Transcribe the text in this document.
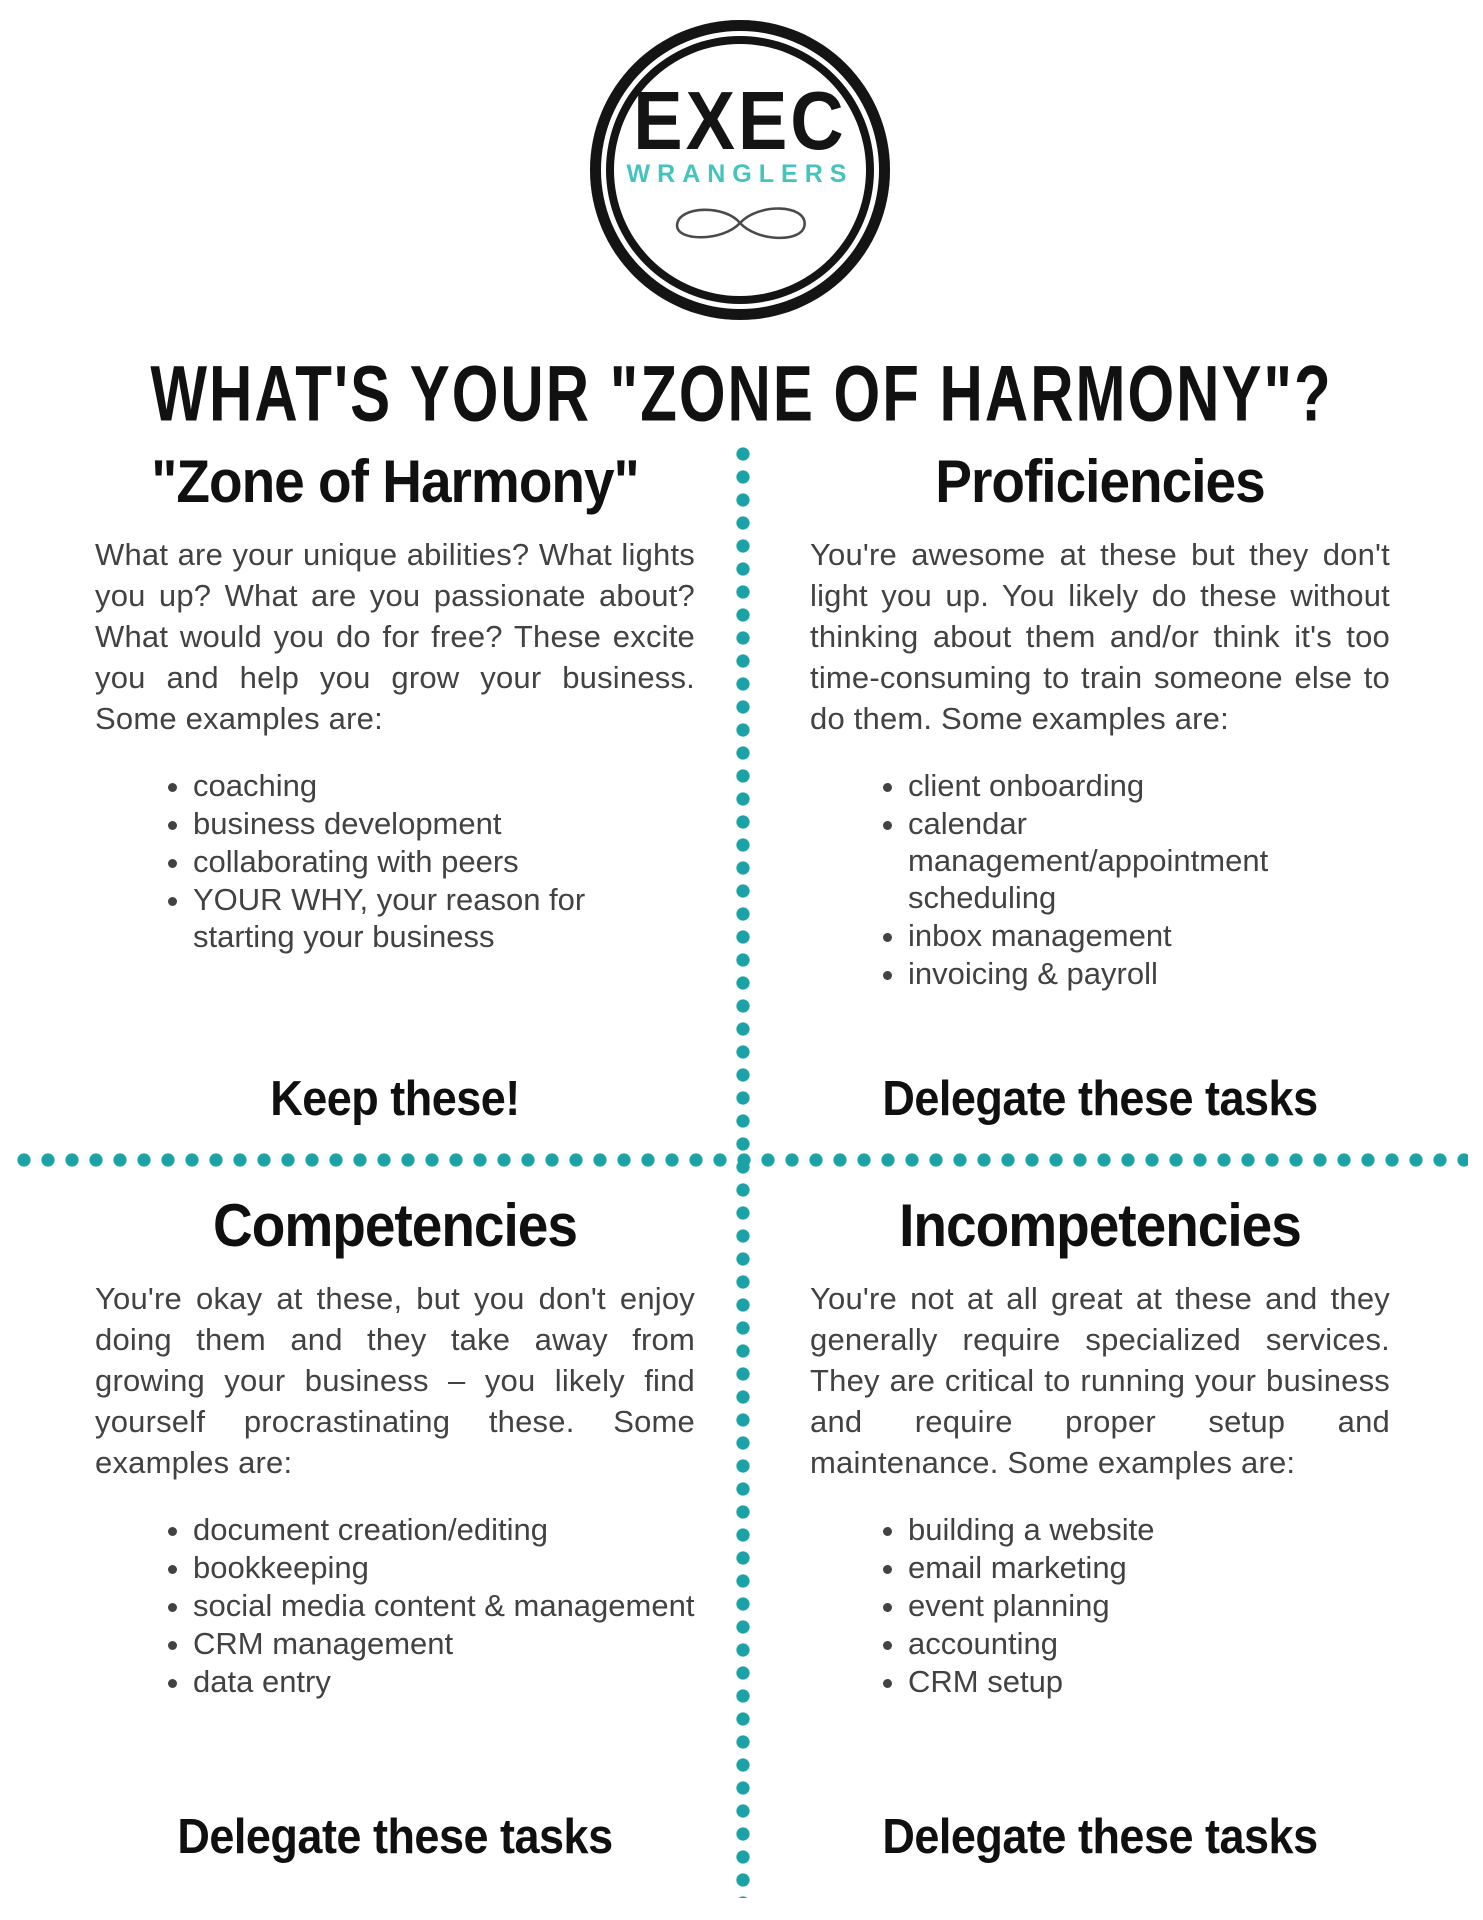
EXEC
WRANGLERS
WHAT'S YOUR "ZONE OF HARMONY"?
"Zone of Harmony"

What are your unique abilities? What lights you up? What are you passionate about? What would you do for free? These excite you and help you grow your business. Some examples are:

• coaching
• business development
• collaborating with peers
• YOUR WHY, your reason for starting your business
Keep these!
Proficiencies

You're awesome at these but they don't light you up. You likely do these without thinking about them and/or think it's too time-consuming to train someone else to do them. Some examples are:

• client onboarding
• calendar management/appointment scheduling
• inbox management
• invoicing & payroll
Delegate these tasks
Competencies

You're okay at these, but you don't enjoy doing them and they take away from growing your business – you likely find yourself procrastinating these. Some examples are:

• document creation/editing
• bookkeeping
• social media content & management
• CRM management
• data entry
Delegate these tasks
Incompetencies

You're not at all great at these and they generally require specialized services. They are critical to running your business and require proper setup and maintenance. Some examples are:

• building a website
• email marketing
• event planning
• accounting
• CRM setup
Delegate these tasks
